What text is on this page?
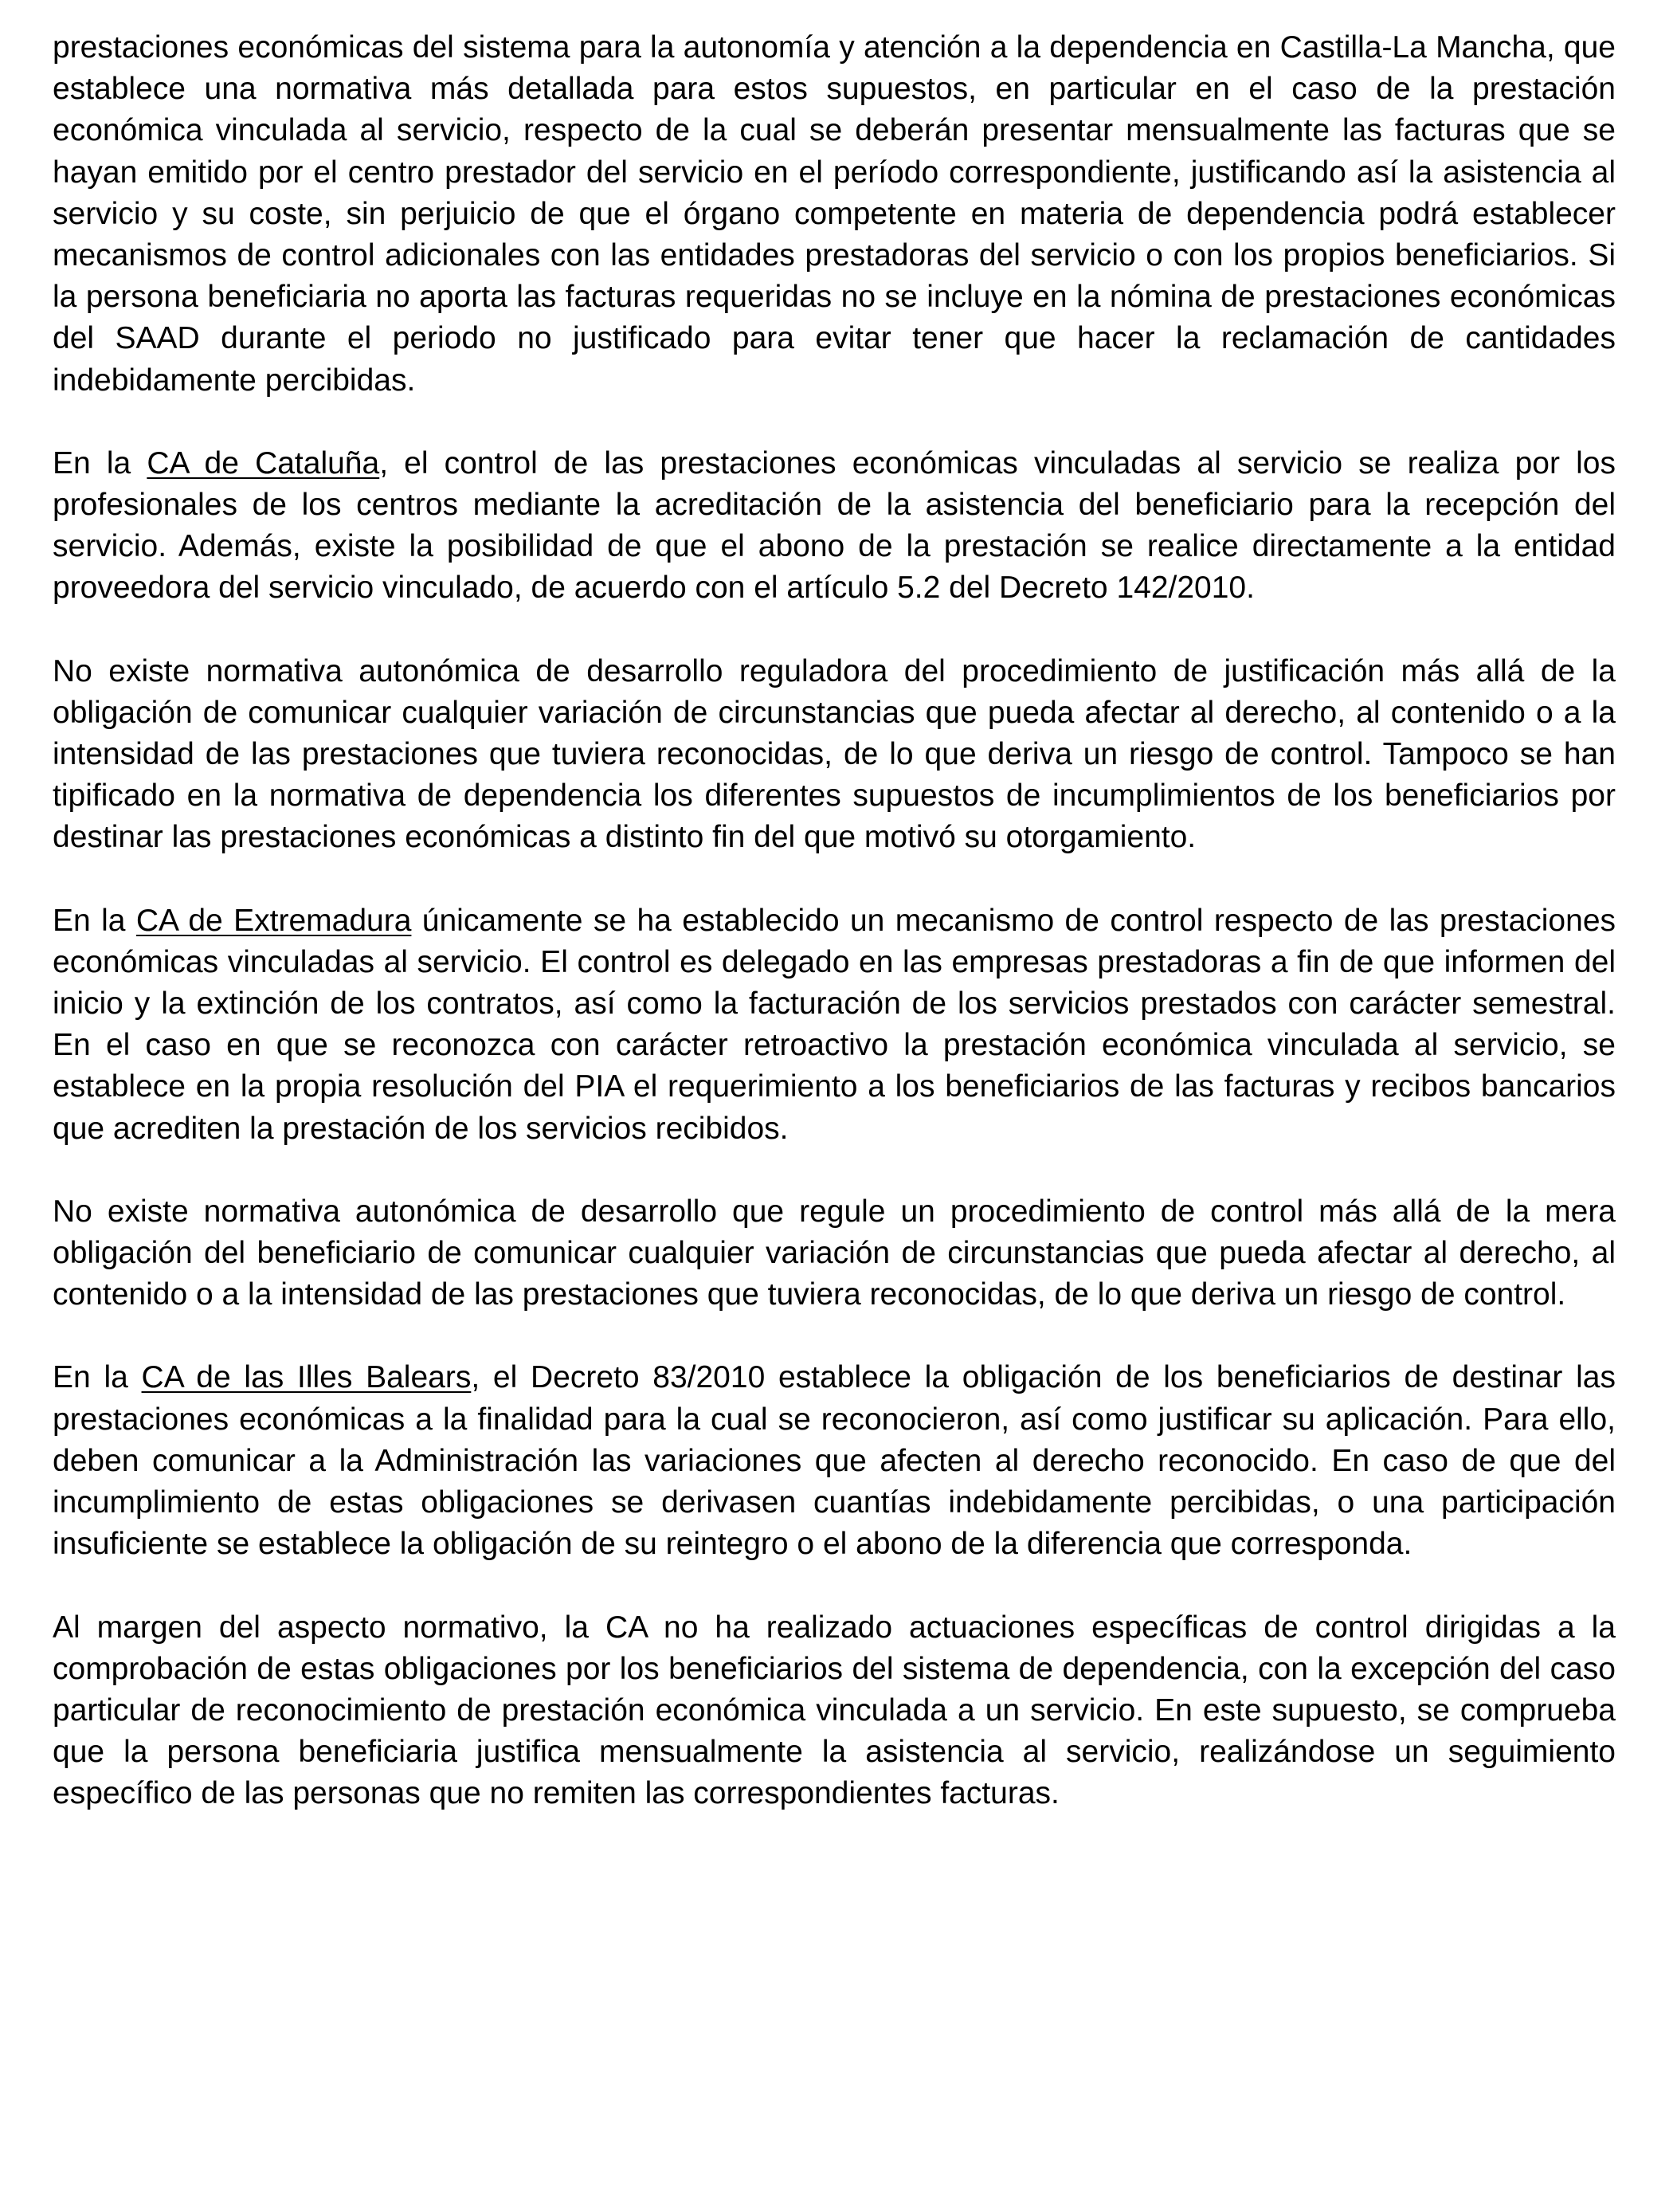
prestaciones económicas del sistema para la autonomía y atención a la dependencia en Castilla-La Mancha, que establece una normativa más detallada para estos supuestos, en particular en el caso de la prestación económica vinculada al servicio, respecto de la cual se deberán presentar mensualmente las facturas que se hayan emitido por el centro prestador del servicio en el período correspondiente, justificando así la asistencia al servicio y su coste, sin perjuicio de que el órgano competente en materia de dependencia podrá establecer mecanismos de control adicionales con las entidades prestadoras del servicio o con los propios beneficiarios. Si la persona beneficiaria no aporta las facturas requeridas no se incluye en la nómina de prestaciones económicas del SAAD durante el periodo no justificado para evitar tener que hacer la reclamación de cantidades indebidamente percibidas.

En la CA de Cataluña, el control de las prestaciones económicas vinculadas al servicio se realiza por los profesionales de los centros mediante la acreditación de la asistencia del beneficiario para la recepción del servicio. Además, existe la posibilidad de que el abono de la prestación se realice directamente a la entidad proveedora del servicio vinculado, de acuerdo con el artículo 5.2 del Decreto 142/2010.

No existe normativa autonómica de desarrollo reguladora del procedimiento de justificación más allá de la obligación de comunicar cualquier variación de circunstancias que pueda afectar al derecho, al contenido o a la intensidad de las prestaciones que tuviera reconocidas, de lo que deriva un riesgo de control. Tampoco se han tipificado en la normativa de dependencia los diferentes supuestos de incumplimientos de los beneficiarios por destinar las prestaciones económicas a distinto fin del que motivó su otorgamiento.

En la CA de Extremadura únicamente se ha establecido un mecanismo de control respecto de las prestaciones económicas vinculadas al servicio. El control es delegado en las empresas prestadoras a fin de que informen del inicio y la extinción de los contratos, así como la facturación de los servicios prestados con carácter semestral. En el caso en que se reconozca con carácter retroactivo la prestación económica vinculada al servicio, se establece en la propia resolución del PIA el requerimiento a los beneficiarios de las facturas y recibos bancarios que acrediten la prestación de los servicios recibidos.

No existe normativa autonómica de desarrollo que regule un procedimiento de control más allá de la mera obligación del beneficiario de comunicar cualquier variación de circunstancias que pueda afectar al derecho, al contenido o a la intensidad de las prestaciones que tuviera reconocidas, de lo que deriva un riesgo de control.

En la CA de las Illes Balears, el Decreto 83/2010 establece la obligación de los beneficiarios de destinar las prestaciones económicas a la finalidad para la cual se reconocieron, así como justificar su aplicación. Para ello, deben comunicar a la Administración las variaciones que afecten al derecho reconocido. En caso de que del incumplimiento de estas obligaciones se derivasen cuantías indebidamente percibidas, o una participación insuficiente se establece la obligación de su reintegro o el abono de la diferencia que corresponda.

Al margen del aspecto normativo, la CA no ha realizado actuaciones específicas de control dirigidas a la comprobación de estas obligaciones por los beneficiarios del sistema de dependencia, con la excepción del caso particular de reconocimiento de prestación económica vinculada a un servicio. En este supuesto, se comprueba que la persona beneficiaria justifica mensualmente la asistencia al servicio, realizándose un seguimiento específico de las personas que no remiten las correspondientes facturas.
